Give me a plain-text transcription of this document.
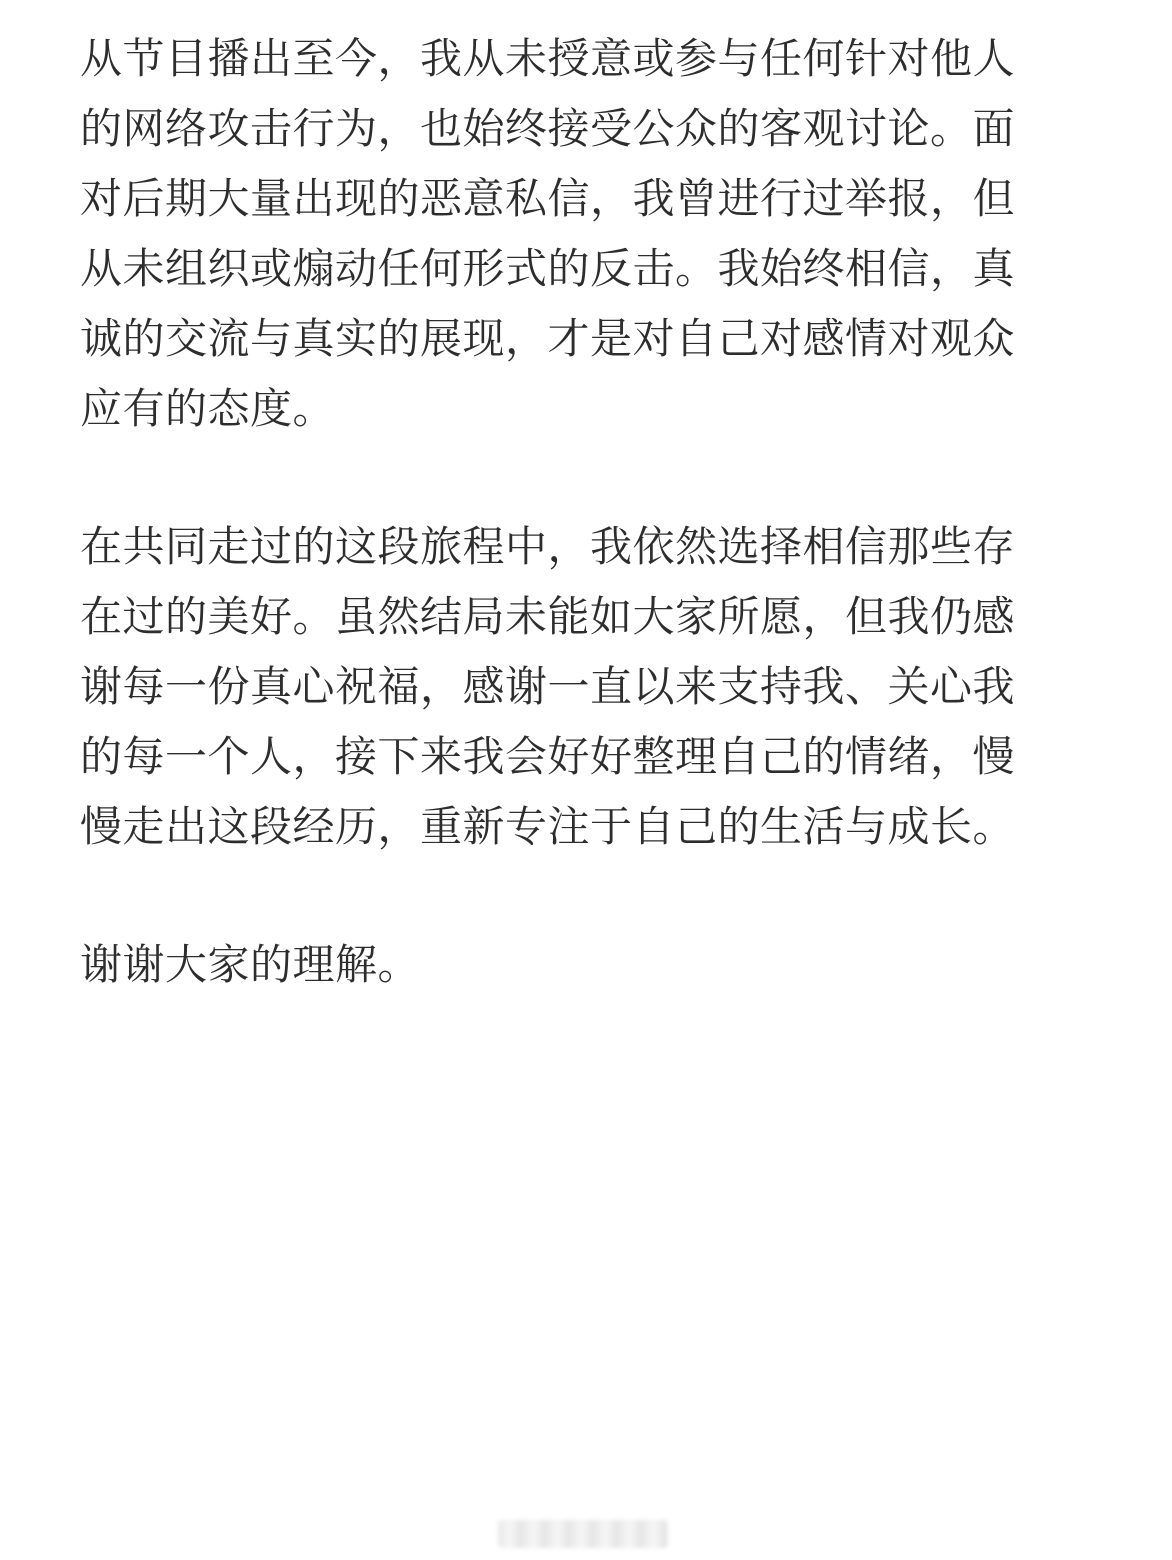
从节目播出至今，我从未授意或参与任何针对他人
的网络攻击行为，也始终接受公众的客观讨论。面
对后期大量出现的恶意私信，我曾进行过举报，但
从未组织或煽动任何形式的反击。我始终相信，真
诚的交流与真实的展现，才是对自己对感情对观众
应有的态度。
在共同走过的这段旅程中，我依然选择相信那些存
在过的美好。虽然结局未能如大家所愿，但我仍感
谢每一份真心祝福，感谢一直以来支持我、关心我
的每一个人，接下来我会好好整理自己的情绪，慢
慢走出这段经历，重新专注于自己的生活与成长。
谢谢大家的理解。
